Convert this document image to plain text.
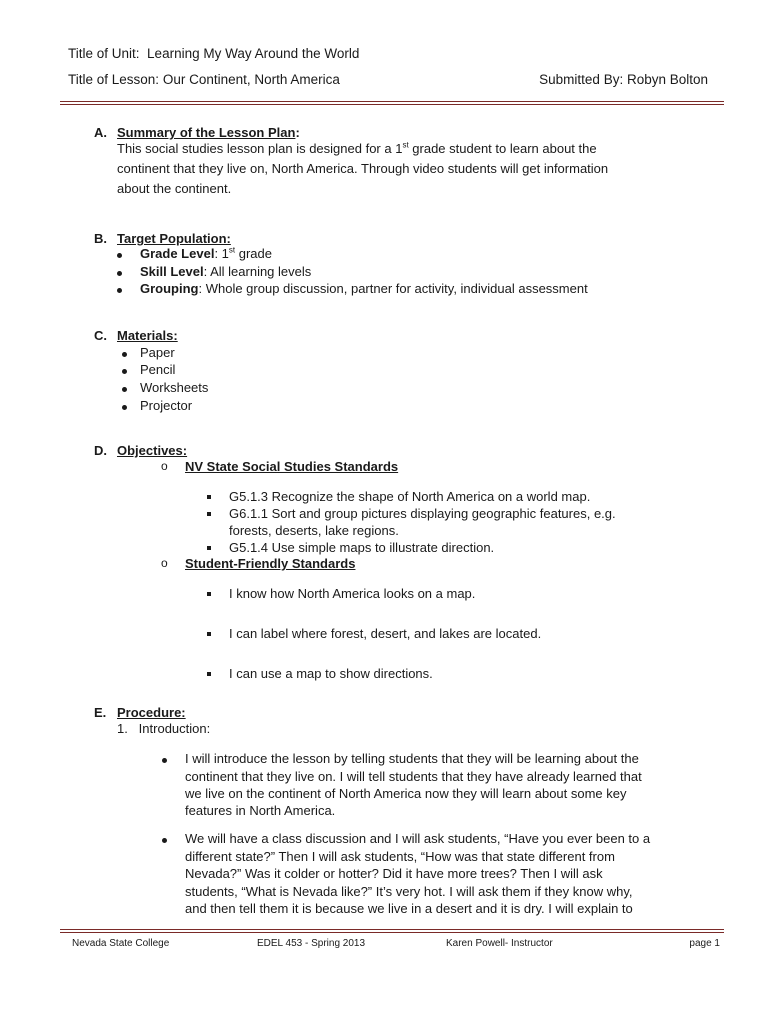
Title of Unit: Learning My Way Around the World
Title of Lesson: Our Continent, North America	Submitted By: Robyn Bolton
A. Summary of the Lesson Plan:
This social studies lesson plan is designed for a 1st grade student to learn about the
continent that they live on, North America. Through video students will get information
about the continent.
B. Target Population:
Grade Level: 1st grade
Skill Level: All learning levels
Grouping: Whole group discussion, partner for activity, individual assessment
C. Materials:
Paper
Pencil
Worksheets
Projector
D. Objectives:
o NV State Social Studies Standards
G5.1.3 Recognize the shape of North America on a world map.
G6.1.1 Sort and group pictures displaying geographic features, e.g.
forests, deserts, lake regions.
G5.1.4 Use simple maps to illustrate direction.
o Student-Friendly Standards
I know how North America looks on a map.
I can label where forest, desert, and lakes are located.
I can use a map to show directions.
E. Procedure:
1.   Introduction:
I will introduce the lesson by telling students that they will be learning about the
continent that they live on. I will tell students that they have already learned that
we live on the continent of North America now they will learn about some key
features in North America.
We will have a class discussion and I will ask students, “Have you ever been to a
different state?” Then I will ask students, “How was that state different from
Nevada?” Was it colder or hotter? Did it have more trees? Then I will ask
students, “What is Nevada like?” It’s very hot. I will ask them if they know why,
and then tell them it is because we live in a desert and it is dry. I will explain to
Nevada State College	EDEL 453 - Spring 2013	Karen Powell- Instructor	page 1
